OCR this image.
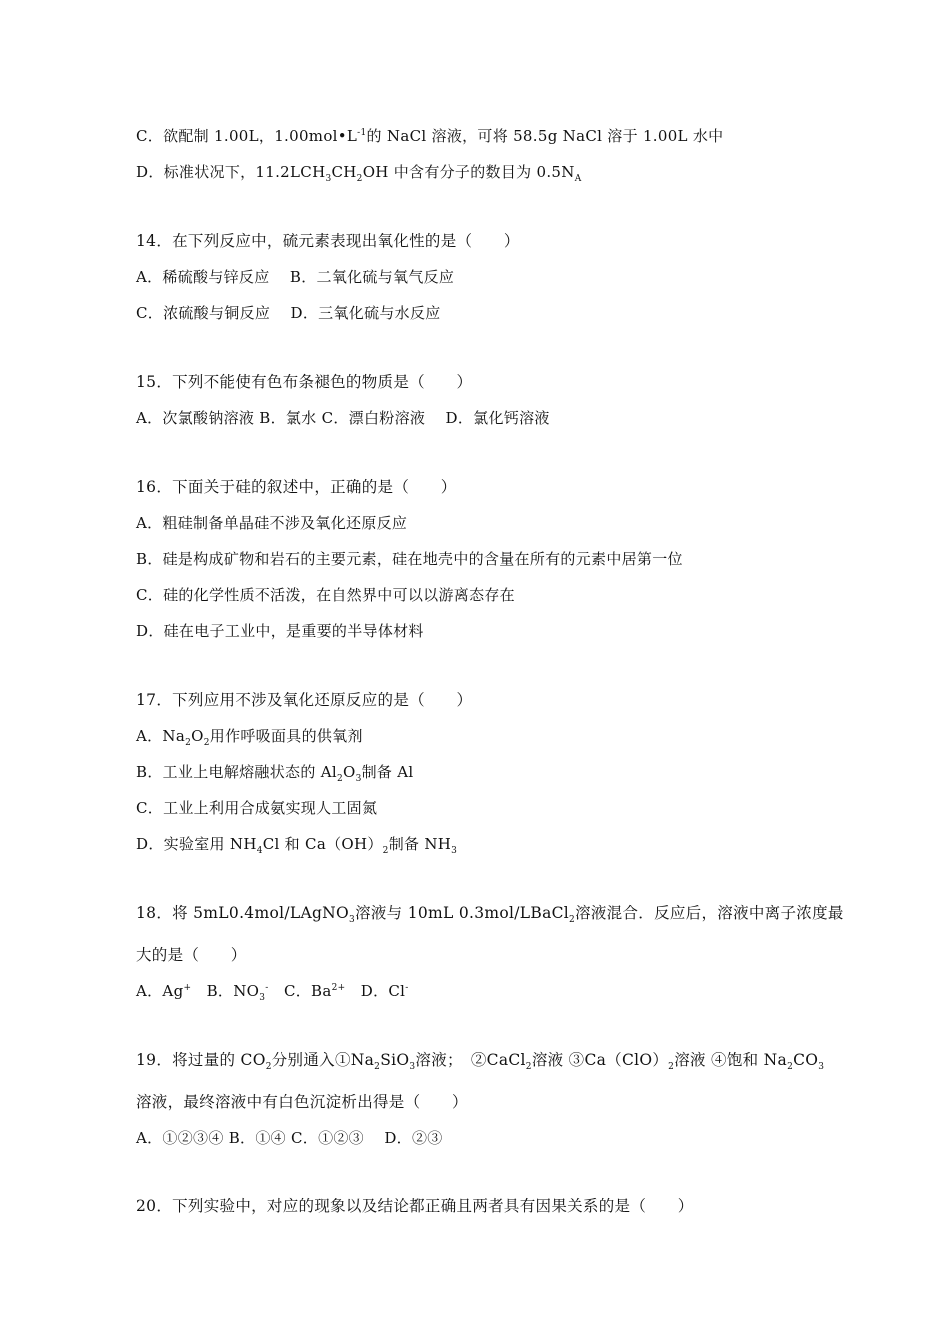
C．欲配制 1.00L，$1.00mol•L^{-1}$的 NaCl 溶液，可将 58.5g NaCl 溶于 1.00L 水中
D．标准状况下，$11.2LCH_3CH_2OH$ 中含有分子的数目为 $0.5N_A$
14．在下列反应中，硫元素表现出氧化性的是（　　）
A．稀硫酸与锌反应　 B．二氧化硫与氧气反应
C．浓硫酸与铜反应　 D．三氧化硫与水反应
15．下列不能使有色布条褪色的物质是（　　）
A．次氯酸钠溶液 B．氯水 C．漂白粉溶液　 D．氯化钙溶液
16．下面关于硅的叙述中，正确的是（　　）
A．粗硅制备单晶硅不涉及氧化还原反应
B．硅是构成矿物和岩石的主要元素，硅在地壳中的含量在所有的元素中居第一位
C．硅的化学性质不活泼，在自然界中可以以游离态存在
D．硅在电子工业中，是重要的半导体材料
17．下列应用不涉及氧化还原反应的是（　　）
A．$Na_2O_2$用作呼吸面具的供氧剂
B．工业上电解熔融状态的 $Al_2O_3$制备 Al
C．工业上利用合成氨实现人工固氮
D．实验室用 $NH_4Cl$ 和 $Ca(OH)_2$制备 $NH_3$
18．将 5mL0.4mol/LAgNO$_3$溶液与 10mL 0.3mol/LBaCl$_2$溶液混合．反应后，溶液中离子浓度最
大的是（　　）
A．Ag+　B．$NO_3^-$　C．$Ba^{2+}$　D．Cl-
19．将过量的 $CO_2$分别通入$①Na_2SiO_3$溶液；　②CaCl$_2$溶液 $③Ca(ClO)_2$溶液 ④饱和 $Na_2CO_3$
溶液，最终溶液中有白色沉淀析出得是（　　）
A．①②③④ B．①④ C．①②③　 D．②③
20．下列实验中，对应的现象以及结论都正确且两者具有因果关系的是（　　）
